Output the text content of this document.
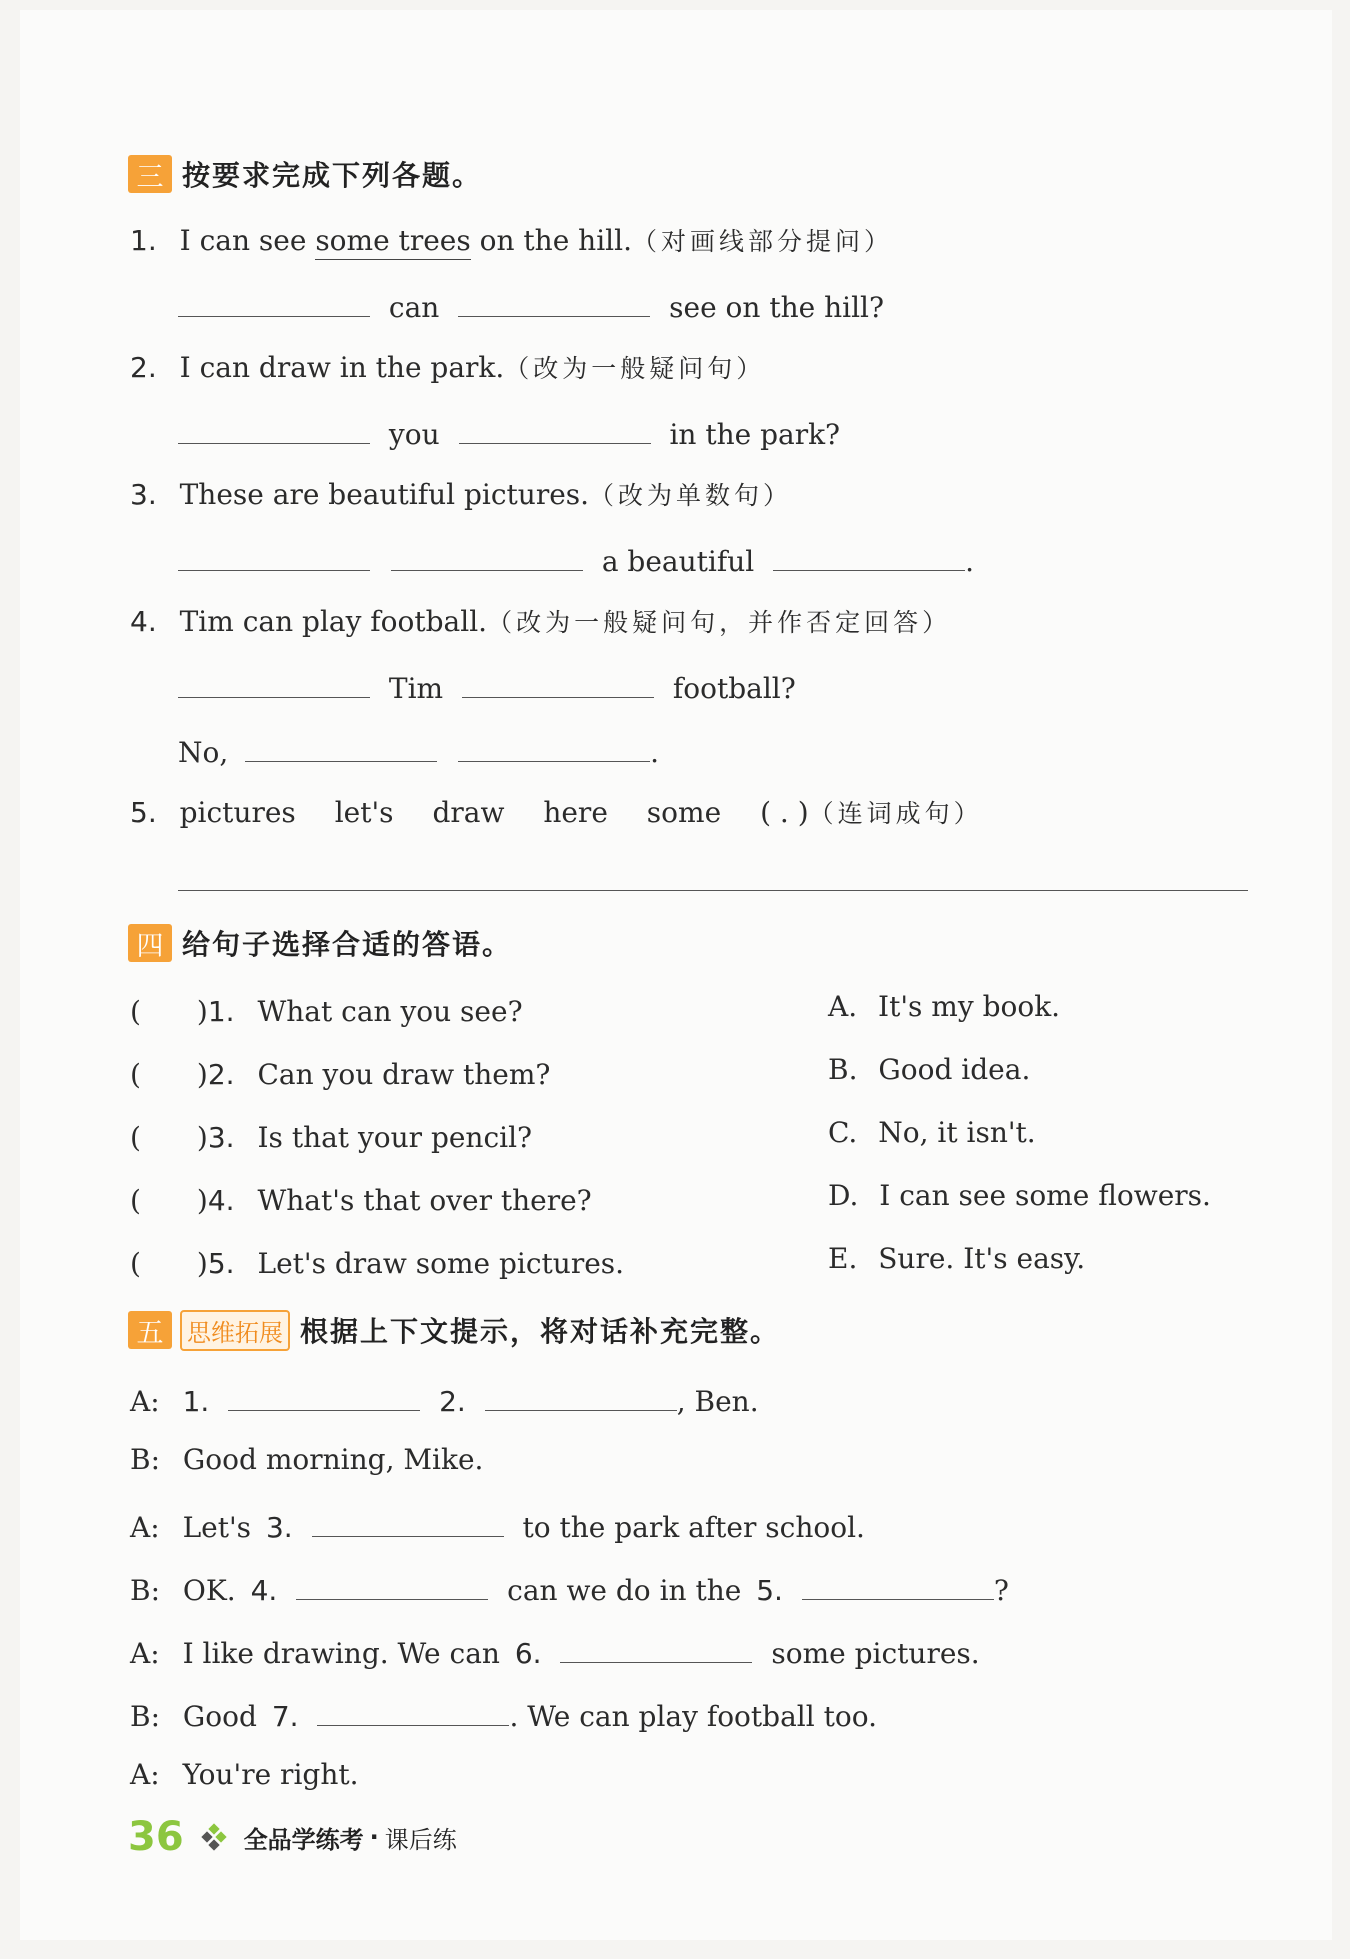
三 按要求完成下列各题。
1. I can see some trees on the hill.（对画线部分提问）
can	see on the hill?
2. I can draw in the park.（改为一般疑问句）
you	in the park?
3. These are beautiful pictures.（改为单数句）
a beautiful	.
4. Tim can play football.（改为一般疑问句，并作否定回答）
Tim	football?
No,	.
5. pictures let's draw here some ( . )（连词成句）
四 给句子选择合适的答语。
(　　)1. What can you see?
(　　)2. Can you draw them?
(　　)3. Is that your pencil?
(　　)4. What's that over there?
(　　)5. Let's draw some pictures.
A. It's my book.
B. Good idea.
C. No, it isn't.
D. I can see some flowers.
E. Sure. It's easy.
五 思维拓展 根据上下文提示，将对话补充完整。
A: 1.	2.	, Ben.
B: Good morning, Mike.
A: Let's 3.	to the park after school.
B: OK. 4.	can we do in the 5.	?
A: I like drawing. We can 6.	some pictures.
B: Good 7.	. We can play football too.
A: You're right.
36	全品学练考 · 课后练
